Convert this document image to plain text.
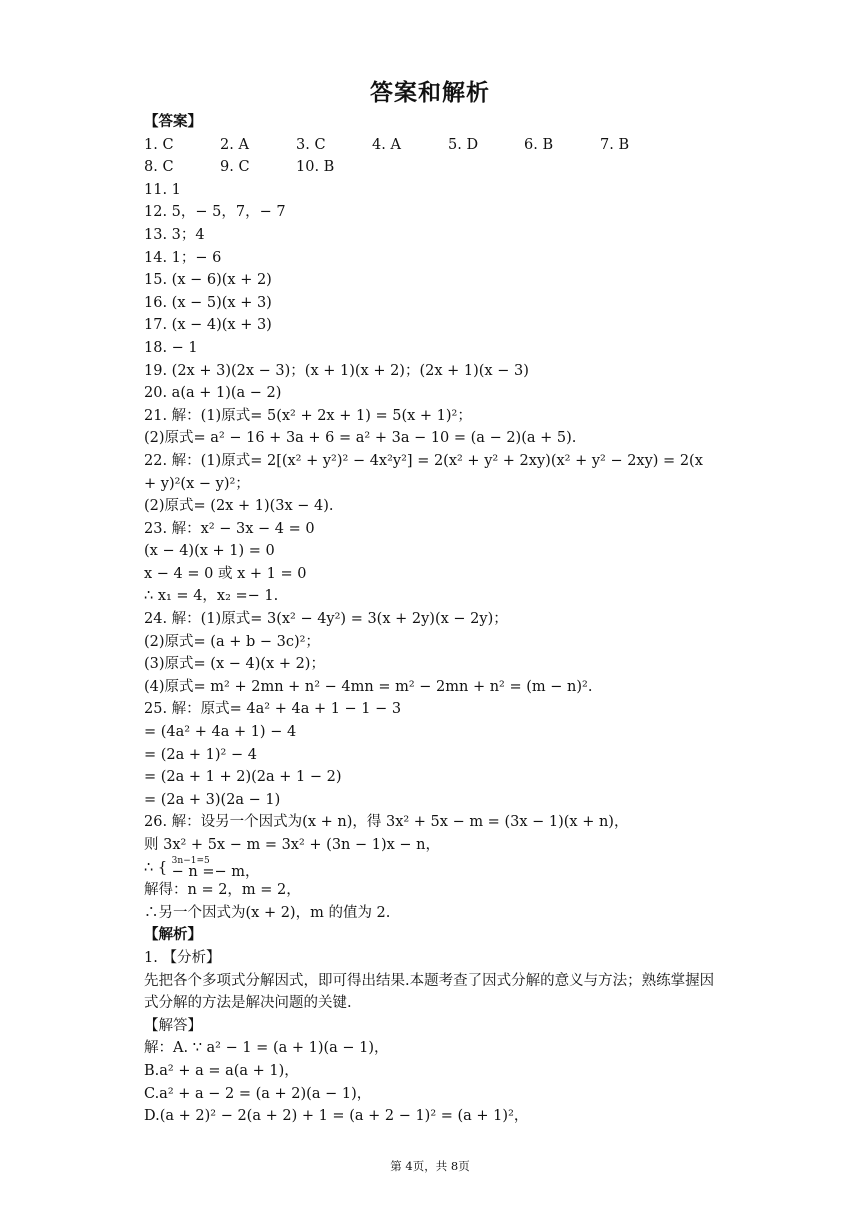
答案和解析
【答案】
1. C	2. A	3. C	4. A	5. D	6. B	7. B
8. C	9. C	10. B
11. 1
12. 5，− 5，7，− 7
13. 3；4
14. 1；− 6
15. (x − 6)(x + 2)
16. (x − 5)(x + 3)
17. (x − 4)(x + 3)
18. − 1
19. (2x + 3)(2x − 3)；(x + 1)(x + 2)；(2x + 1)(x − 3)
20. a(a + 1)(a − 2)
21. 解：(1)原式= 5(x² + 2x + 1) = 5(x + 1)²；
(2)原式= a² − 16 + 3a + 6 = a² + 3a − 10 = (a − 2)(a + 5).
22. 解：(1)原式= 2[(x² + y²)² − 4x²y²] = 2(x² + y² + 2xy)(x² + y² − 2xy) = 2(x + y)²(x − y)²；
(2)原式= (2x + 1)(3x − 4).
23. 解：x² − 3x − 4 = 0
(x − 4)(x + 1) = 0
x − 4 = 0 或 x + 1 = 0
∴ x₁ = 4，x₂ =− 1.
24. 解：(1)原式= 3(x² − 4y²) = 3(x + 2y)(x − 2y)；
(2)原式= (a + b − 3c)²；
(3)原式= (x − 4)(x + 2)；
(4)原式= m² + 2mn + n² − 4mn = m² − 2mn + n² = (m − n)².
25. 解：原式= 4a² + 4a + 1 − 1 − 3
= (4a² + 4a + 1) − 4
= (2a + 1)² − 4
= (2a + 1 + 2)(2a + 1 − 2)
= (2a + 3)(2a − 1)
26. 解：设另一个因式为(x + n)，得 3x² + 5x − m = (3x − 1)(x + n)，
则 3x² + 5x − m = 3x² + (3n − 1)x − n，
∴ { 3n−1=5
− n =− m，
解得：n = 2，m = 2，
∴另一个因式为(x + 2)，m 的值为 2.
【解析】
1. 【分析】
先把各个多项式分解因式，即可得出结果.本题考查了因式分解的意义与方法；熟练掌握因式分解的方法是解决问题的关键.
【解答】
解：A. ∵ a² − 1 = (a + 1)(a − 1)，
B.a² + a = a(a + 1)，
C.a² + a − 2 = (a + 2)(a − 1)，
D.(a + 2)² − 2(a + 2) + 1 = (a + 2 − 1)² = (a + 1)²，
第 4页，共 8页
